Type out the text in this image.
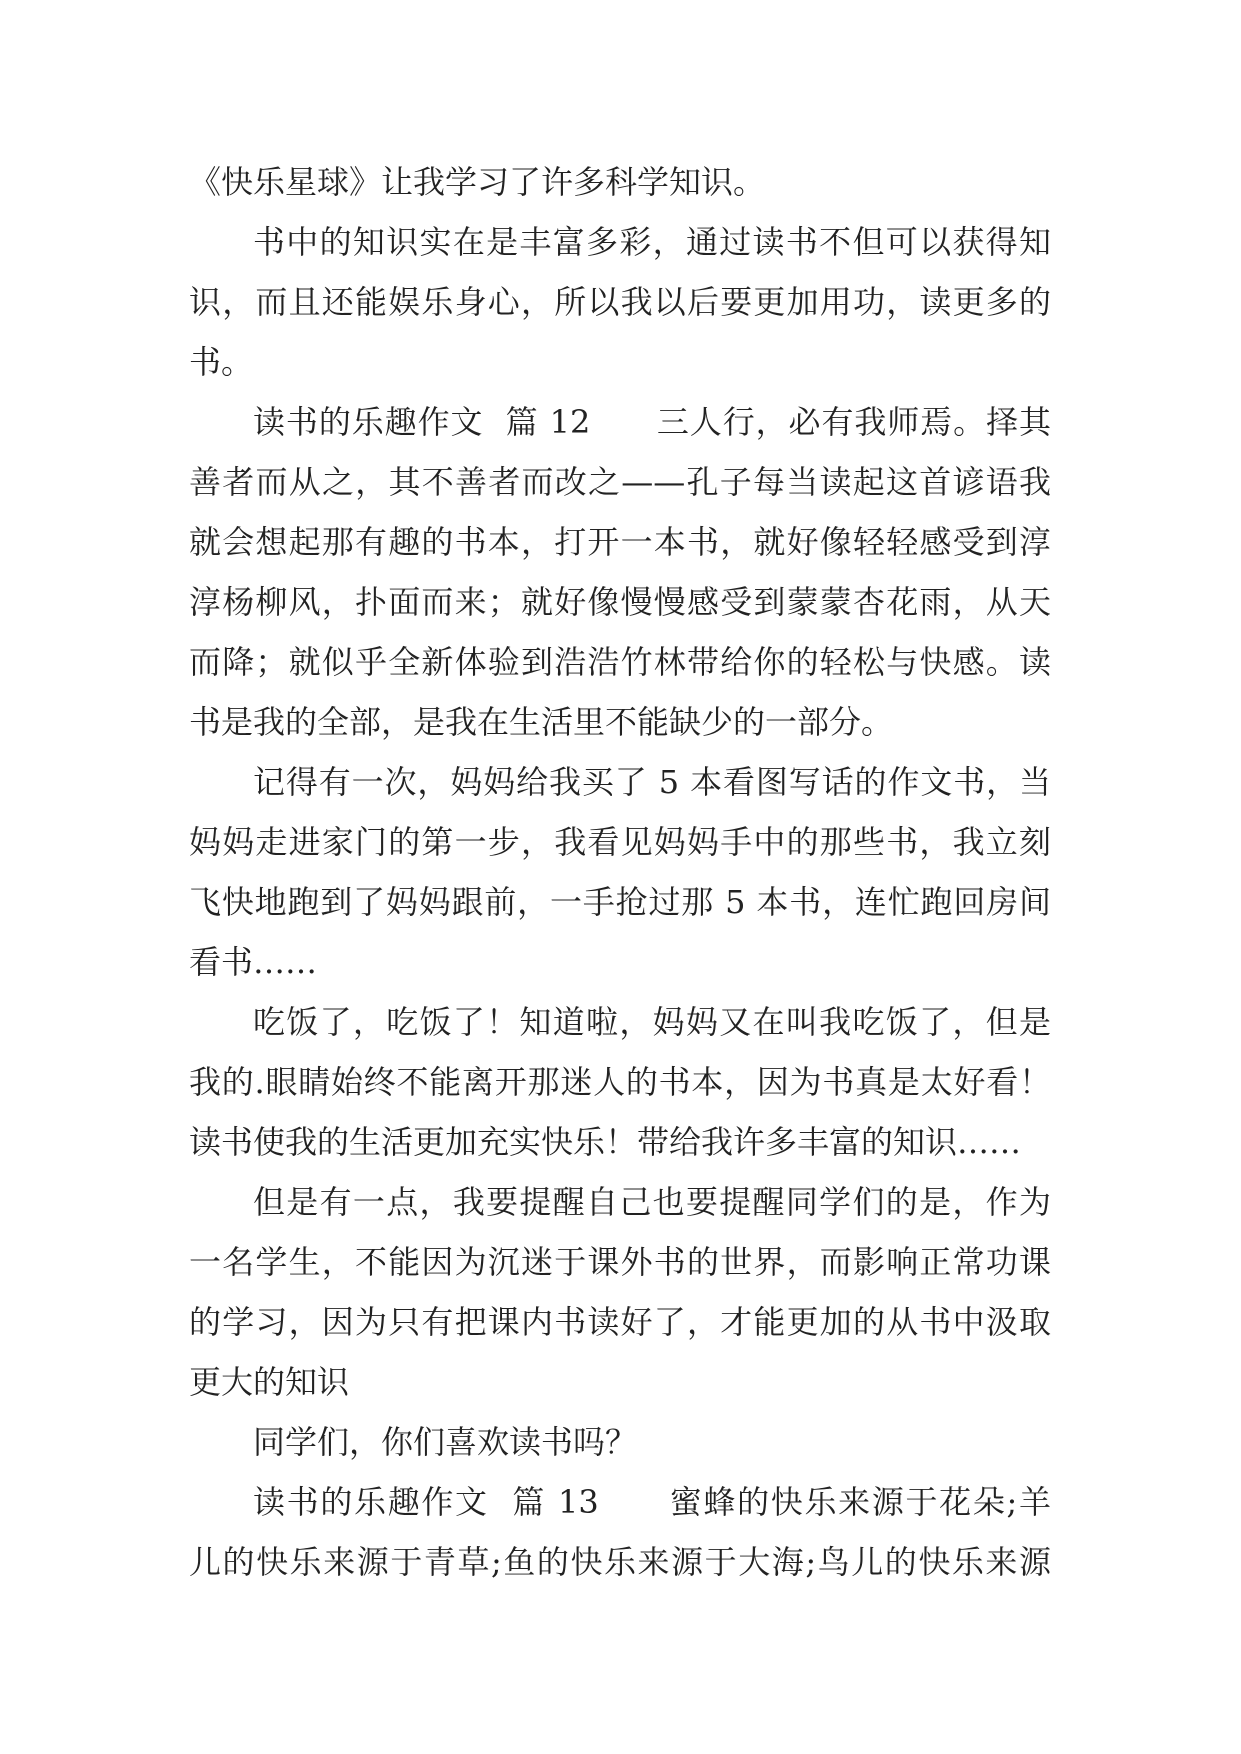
《快乐星球》让我学习了许多科学知识。
书中的知识实在是丰富多彩，通过读书不但可以获得知
识，而且还能娱乐身心，所以我以后要更加用功，读更多的
书。
读书的乐趣作文  篇 12      三人行，必有我师焉。择其
善者而从之，其不善者而改之——孔子每当读起这首谚语我
就会想起那有趣的书本，打开一本书，就好像轻轻感受到淳
淳杨柳风，扑面而来；就好像慢慢感受到蒙蒙杏花雨，从天
而降；就似乎全新体验到浩浩竹林带给你的轻松与快感。读
书是我的全部，是我在生活里不能缺少的一部分。
记得有一次，妈妈给我买了 5 本看图写话的作文书，当
妈妈走进家门的第一步，我看见妈妈手中的那些书，我立刻
飞快地跑到了妈妈跟前，一手抢过那 5 本书，连忙跑回房间
看书……
吃饭了，吃饭了！知道啦，妈妈又在叫我吃饭了，但是
我的.眼睛始终不能离开那迷人的书本，因为书真是太好看！
读书使我的生活更加充实快乐！带给我许多丰富的知识……
但是有一点，我要提醒自己也要提醒同学们的是，作为
一名学生，不能因为沉迷于课外书的世界，而影响正常功课
的学习，因为只有把课内书读好了，才能更加的从书中汲取
更大的知识
同学们，你们喜欢读书吗？
读书的乐趣作文  篇 13      蜜蜂的快乐来源于花朵;羊
儿的快乐来源于青草;鱼的快乐来源于大海;鸟儿的快乐来源
